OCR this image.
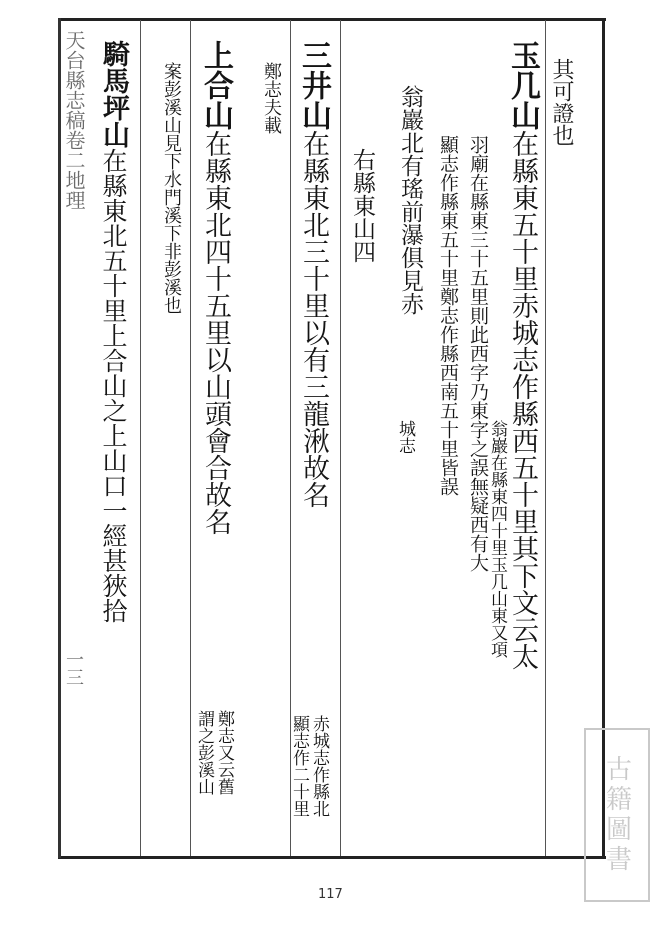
其可證也
玉几山在縣東五十里赤城志作縣西五十里其下文云太
羽廟在縣東三十五里則此西字乃東字之誤無疑西有大
顯志作縣東五十里鄭志作縣西南五十里皆誤
翁巖北有瑤前瀑俱見赤
翁巖在縣東四十里玉几山東又項
城志
右縣東山四
三井山在縣東北三十里以有三龍湫故名
赤城志作縣北
顯志作二十里
上合山在縣東北四十五里以山頭會合故名
鄭志又云舊
謂之彭溪山
鄭志夫載
案彭溪山見下水門溪下非彭溪也
騎馬坪山在縣東北五十里上合山之上山口一經甚狹拾
天台縣志稿卷二地理
一三
117
古籍圖書
